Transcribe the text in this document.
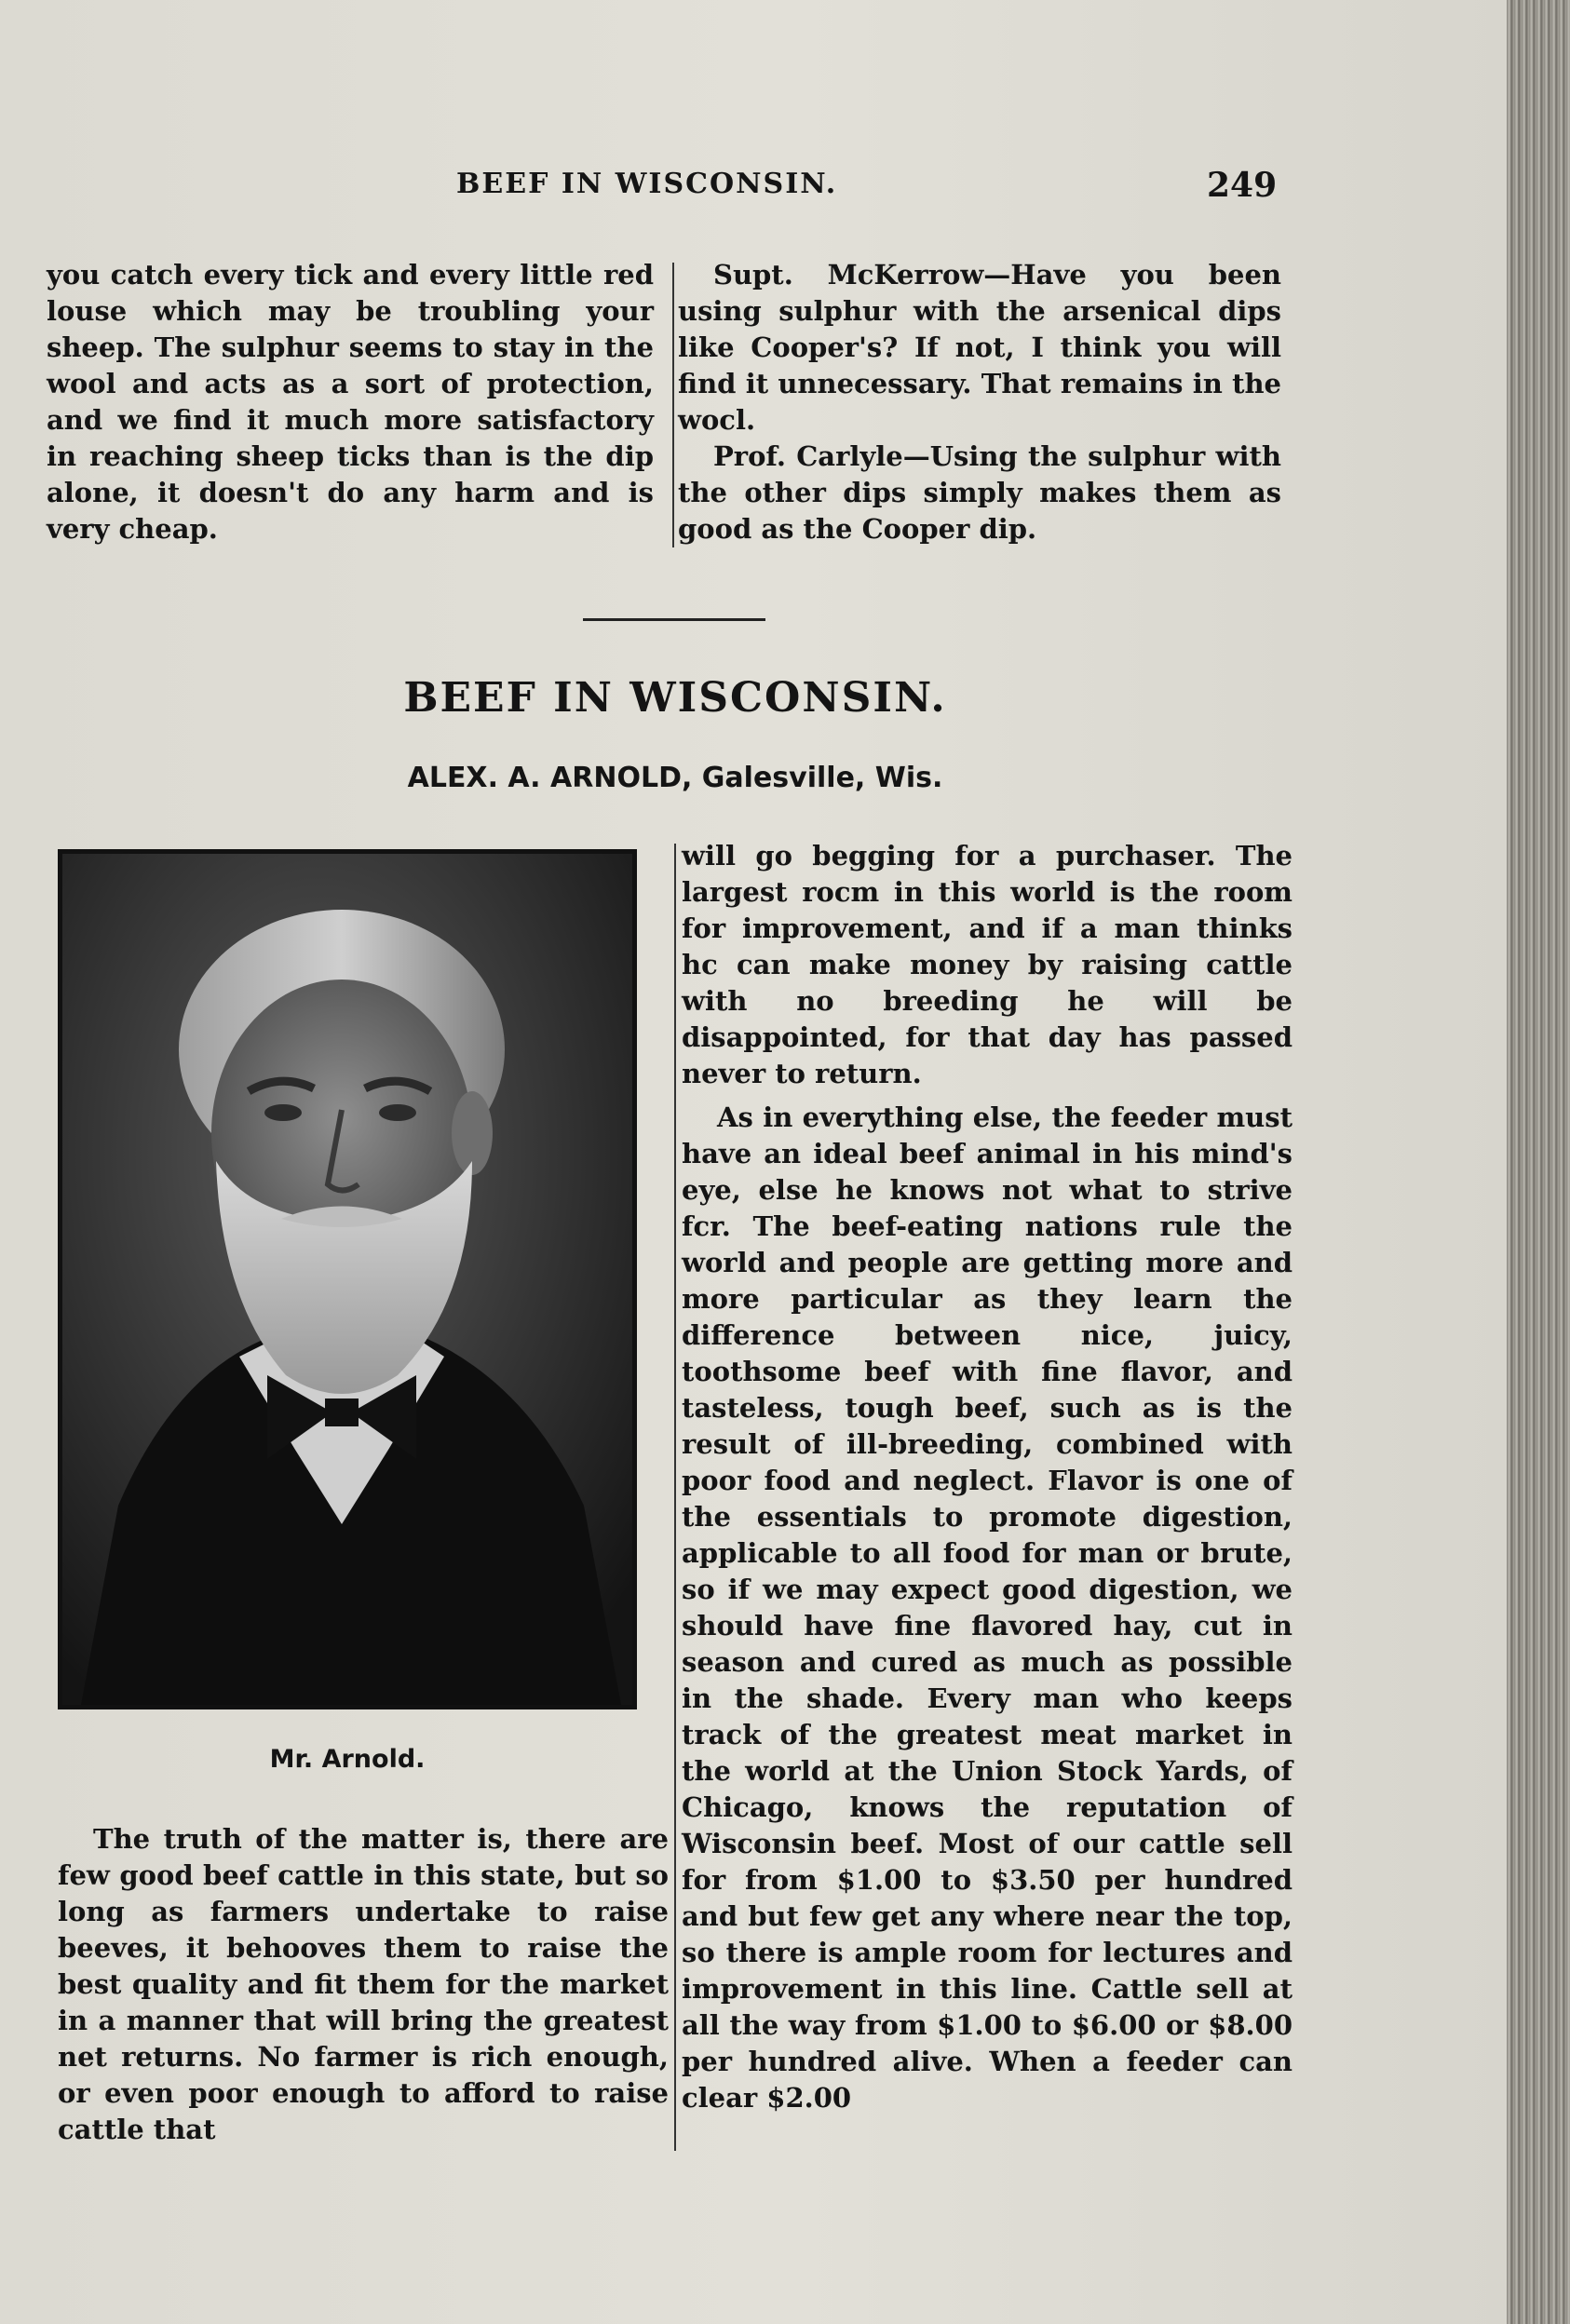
BEEF IN WISCONSIN.	249

you catch every tick and every little red louse which may be troubling your sheep. The sulphur seems to stay in the wool and acts as a sort of protection, and we find it much more satisfactory in reaching sheep ticks than is the dip alone, it doesn't do any harm and is very cheap.

Supt. McKerrow—Have you been using sulphur with the arsenical dips like Cooper's? If not, I think you will find it unnecessary. That remains in the wocl.

Prof. Carlyle—Using the sulphur with the other dips simply makes them as good as the Cooper dip.

BEEF IN WISCONSIN.
ALEX. A. ARNOLD, Galesville, Wis.
Mr. Arnold.

The truth of the matter is, there are few good beef cattle in this state, but so long as farmers undertake to raise beeves, it behooves them to raise the best quality and fit them for the market in a manner that will bring the greatest net returns. No farmer is rich enough, or even poor enough to afford to raise cattle that

will go begging for a purchaser. The largest rocm in this world is the room for improvement, and if a man thinks hc can make money by raising cattle with no breeding he will be disappointed, for that day has passed never to return.

As in everything else, the feeder must have an ideal beef animal in his mind's eye, else he knows not what to strive fcr. The beef-eating nations rule the world and people are getting more and more particular as they learn the difference between nice, juicy, toothsome beef with fine flavor, and tasteless, tough beef, such as is the result of ill-breeding, combined with poor food and neglect. Flavor is one of the essentials to promote digestion, applicable to all food for man or brute, so if we may expect good digestion, we should have fine flavored hay, cut in season and cured as much as possible in the shade. Every man who keeps track of the greatest meat market in the world at the Union Stock Yards, of Chicago, knows the reputation of Wisconsin beef. Most of our cattle sell for from $1.00 to $3.50 per hundred and but few get any where near the top, so there is ample room for lectures and improvement in this line. Cattle sell at all the way from $1.00 to $6.00 or $8.00 per hundred alive. When a feeder can clear $2.00
